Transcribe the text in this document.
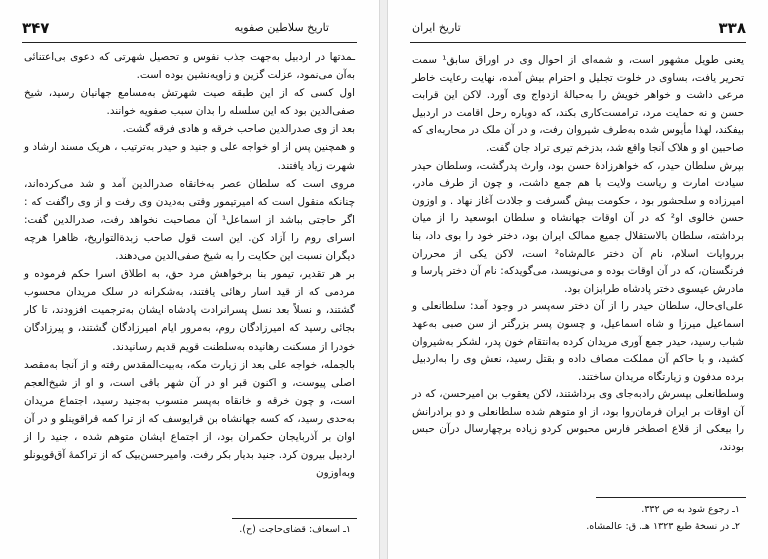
۳۴۷	تاریخ سلاطین صفویه

ـمدتها در اردبیل به‌جهت جذب نفوس و تحصیل شهرتی که دعوی بی‌اعتنائی به‌آن می‌نمود، عزلت گزین و زاویه‌نشین بوده است.

اول کسی که از این طبقه صیت شهرتش به‌مسامع جهانیان رسید، شیخ صفی‌الدین بود که این سلسله را بدان سبب صفویه خوانند.

بعد از وی صدرالدین صاحب خرقه و هادی فرقه گشت.

و همچنین پس از او خواجه علی و جنید و حیدر به‌ترتیب ، هریک مسند ارشاد و شهرت زیاد یافتند.

مروی است که سلطان عصر به‌خانقاه صدرالدین آمد و شد می‌کرده‌اند، چنانکه منقول است که امیرتیمور وقتی به‌دیدن وی رفت و از وی راگفت که : اگر حاجتی بباشد از اسماعل¹ آن مصاحبت نخواهد رفت، صدرالدین گفت: اسرای روم را آزاد کن. این است قول صاحب زبدةالتواریخ، ظاهرا هرچه دیگران نسبت این حکایت را به شیخ صفی‌الدین می‌دهند.

بر هر تقدیر، تیمور بنا برخواهش مرد حق، به اطلاق اسرا حکم فرموده و مردمی که از قید اسار رهائی یافتند، به‌شکرانه در سلک مریدان محسوب گشتند، و نسلاً بعد نسل پسرانرادت پادشاه ایشان به‌ترجمیت افزودند، تا کار بجائی رسید که امیرزادگان روم، به‌مرور ایام امیرزادگان گشتند، و پیرزادگان خودرا از مسکنت رهانیده به‌سلطنت قویم قدیم رسانیدند.

بالجمله، خواجه علی بعد از زیارت مکه، به‌بیت‌المقدس رفته و از آنجا به‌مقصد اصلی پیوست، و اکنون قبر او در آن شهر باقی است، و او از شیخ‌العجم است، و چون خرقه و خانقاه به‌پسر منسوب به‌جنید رسید، اجتماع مریدان به‌حدی رسید، که کسه جهانشاه بن قرایوسف که از ترا کمه قراقوینلو و در آن اوان بر آذربایجان حکمران بود، از اجتماع ایشان متوهم شده ، جنید را از اردبیل بیرون کرد. جنید بدیار بکر رفت. وامیرحسن‌بیک که از تراکمهٔ آق‌قویونلو وبه‌اوزون

۱ـ اسعاف: قضای‌حاجت (ح).
تاریخ ایران	۳۳۸

یعنی طویل مشهور است، و شمه‌ای از احوال وی در اوراق سابق¹ سمت تحریر یافت، بساوی در خلوت تجلیل و احترام بیش آمده، نهایت رعایت خاطر مرعی داشت و خواهر خویش را به‌حبالهٔ ازدواج وی آورد. لاکن این قرابت حسن و نه حمایت مرد، ترامست‌کاری بکند، که دوباره رحل اقامت در اردبیل بیفکند، لهذا مأیوس شده به‌طرف شیروان رفت، و در آن ملک در محاربه‌ای که صاحبین او و هلاک آنجا واقع شد، بدزخم تیری تراد جان گفت.

بپرش سلطان حیدر، که خواهرزادهٔ حسن بود، وارث پدرگشت، وسلطان حیدر سیادت امارت و ریاست ولایت با هم جمع داشت، و چون از طرف مادر، امیرزاده و سلحشور بود ، حکومت بیش گسرفت و جلادت آغاز نهاد . و اوزون حسن خالوی او² که در آن اوقات جهانشاه و سلطان ابوسعید را از میان برداشته، سلطان بالاستقلال جمیع ممالک ایران بود، دختر خود را بوی داد، بنا برروایات اسلام، نام آن دختر عالم‌شاه² است، لاکن یکی از محرران فرنگستان، که در آن اوقات بوده و می‌نویسد، می‌گویدکه: نام آن دختر پارسا و مادرش عیسوی دختر پادشاه طرابزان بود.

علی‌ای‌حال، سلطان حیدر را از آن دختر سه‌پسر در وجود آمد: سلطانعلی و اسماعیل میرزا و شاه اسماعیل، و چسون پسر بزرگتر از سن صبی به‌عهد شباب رسید، حیدر جمع آوری مریدان کرده به‌انتقام خون پدر، لشکر به‌شیروان کشید، و با حاکم آن مملکت مصاف داده و بقتل رسید، نعش وی را به‌اردبیل برده مدفون و زیارتگاه مریدان ساختند.

وسلطانعلی بپسرش رادبه‌جای وی برداشتند، لاکن یعقوب بن امیرحسن، که در آن اوقات بر ایران فرمان‌روا بود، از او متوهم شده سلطانعلی و دو برادرانش را بیعکی از قلاع اصطخر فارس محبوس کردو زیاده برچهارسال درآن حبس بودند،

۱ـ رجوع شود به ص ۳۳۲.
۲ـ در نسخهٔ طبع ۱۳۲۳ هـ. ق: عالمشاه.
